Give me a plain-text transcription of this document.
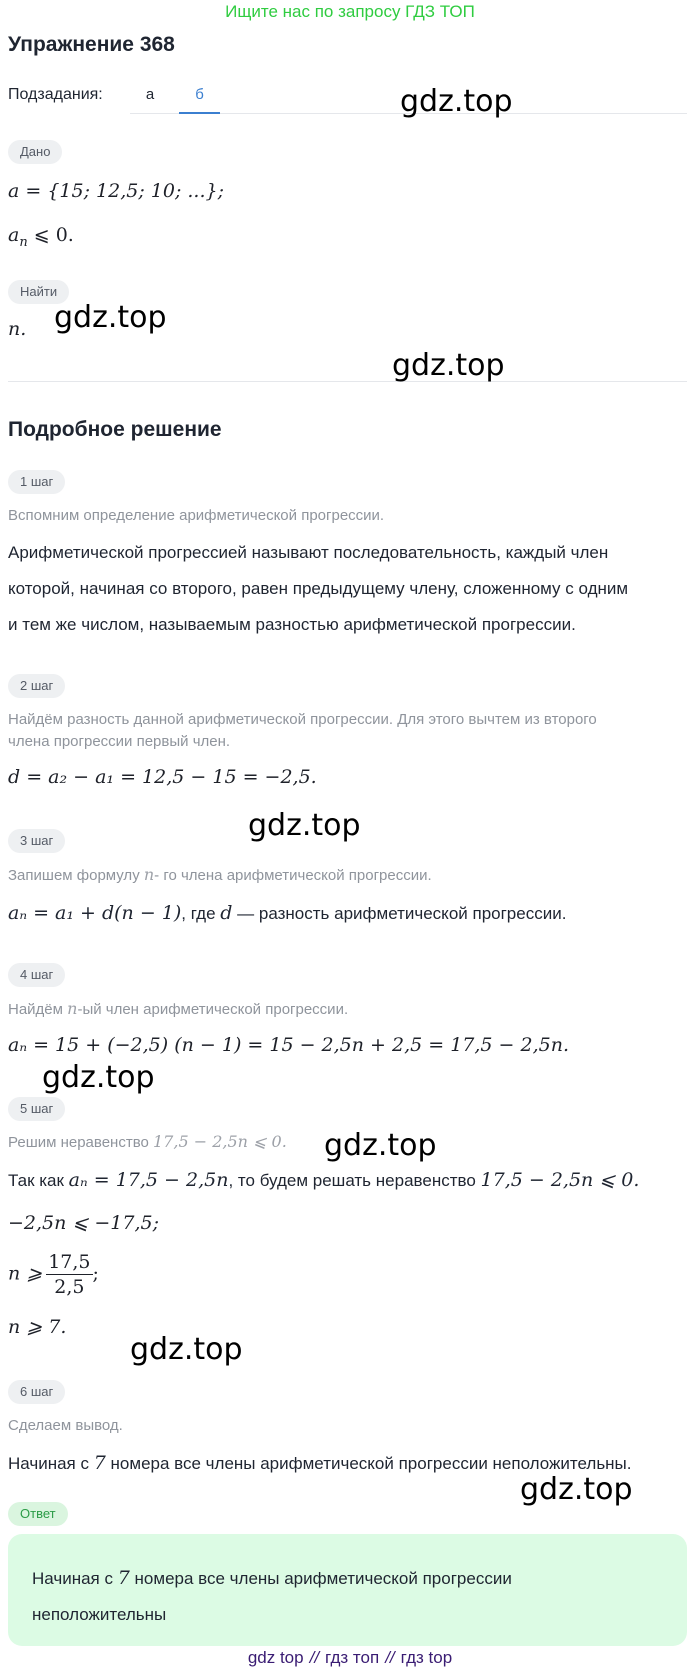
Ищите нас по запросу ГДЗ ТОП
Упражнение 368
Подзадания:	а	б
Дано
a = {15; 12,5; 10; ...};
$a_n$ ⩽ 0.
Найти
n.
Подробное решение
1 шаг
Вспомним определение арифметической прогрессии.
Арифметической прогрессией называют последовательность, каждый член
которой, начиная со второго, равен предыдущему члену, сложенному с одним
и тем же числом, называемым разностью арифметической прогрессии.
2 шаг
Найдём разность данной арифметической прогрессии. Для этого вычтем из второго
члена прогрессии первый член.
d = a₂ − a₁ = 12,5 − 15 = −2,5.
3 шаг
Запишем формулу n- го члена арифметической прогрессии.
aₙ = a₁ + d(n − 1), где d — разность арифметической прогрессии.
4 шаг
Найдём n-ый член арифметической прогрессии.
aₙ = 15 + (−2,5) (n − 1) = 15 − 2,5n + 2,5 = 17,5 − 2,5n.
5 шаг
Решим неравенство 17,5 − 2,5n ⩽ 0.
Так как aₙ = 17,5 − 2,5n, то будем решать неравенство 17,5 − 2,5n ⩽ 0.
−2,5n ⩽ −17,5;
n ⩾ $\frac{17,5}{2,5}$ ;
n ⩾ 7.
6 шаг
Сделаем вывод.
Начиная с 7 номера все члены арифметической прогрессии неположительны.
Ответ
Начиная с 7 номера все члены арифметической прогрессии
неположительны
gdz.top
gdz.top
gdz.top
gdz.top
gdz.top
gdz.top
gdz.top
gdz.top
gdz top // гдз топ // гдз top
